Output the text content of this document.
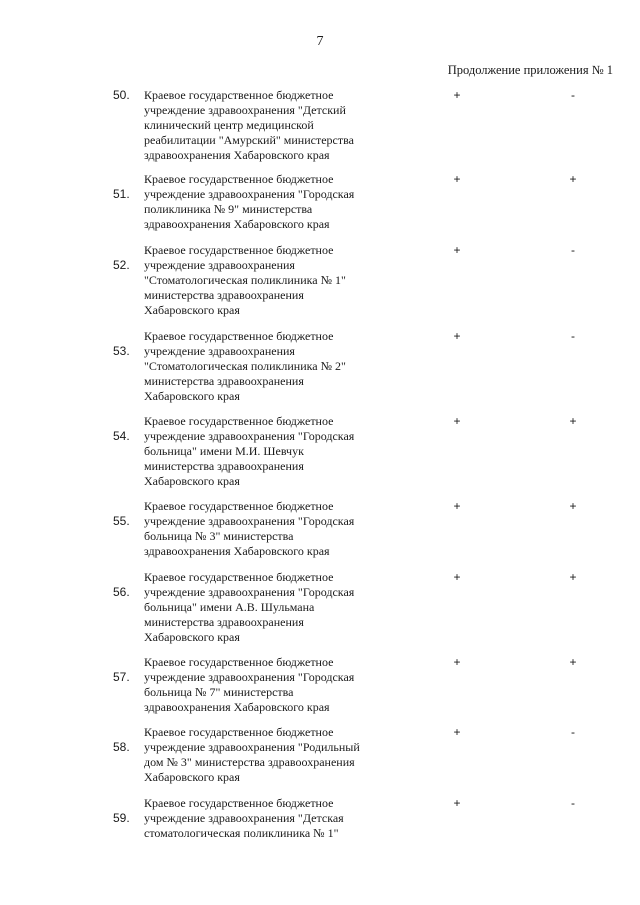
7
Продолжение приложения № 1
50.	Краевое государственное бюджетное
учреждение здравоохранения "Детский
клинический центр медицинской
реабилитации "Амурский" министерства
здравоохранения Хабаровского края
+	-
51.
Краевое государственное бюджетное
учреждение здравоохранения "Городская
поликлиника № 9" министерства
здравоохранения Хабаровского края
+	+
52.
Краевое государственное бюджетное
учреждение здравоохранения
"Стоматологическая поликлиника № 1"
министерства здравоохранения
Хабаровского края
+	-
53.
Краевое государственное бюджетное
учреждение здравоохранения
"Стоматологическая поликлиника № 2"
министерства здравоохранения
Хабаровского края
+	-
54.
Краевое государственное бюджетное
учреждение здравоохранения "Городская
больница" имени М.И. Шевчук
министерства здравоохранения
Хабаровского края
+	+
55.
Краевое государственное бюджетное
учреждение здравоохранения "Городская
больница № 3" министерства
здравоохранения Хабаровского края
+	+
56.
Краевое государственное бюджетное
учреждение здравоохранения "Городская
больница" имени А.В. Шульмана
министерства здравоохранения
Хабаровского края
+	+
57.
Краевое государственное бюджетное
учреждение здравоохранения "Городская
больница № 7" министерства
здравоохранения Хабаровского края
+	+
58.
Краевое государственное бюджетное
учреждение здравоохранения "Родильный
дом № 3" министерства здравоохранения
Хабаровского края
+	-
59.
Краевое государственное бюджетное
учреждение здравоохранения "Детская
стоматологическая поликлиника № 1"
+	-
